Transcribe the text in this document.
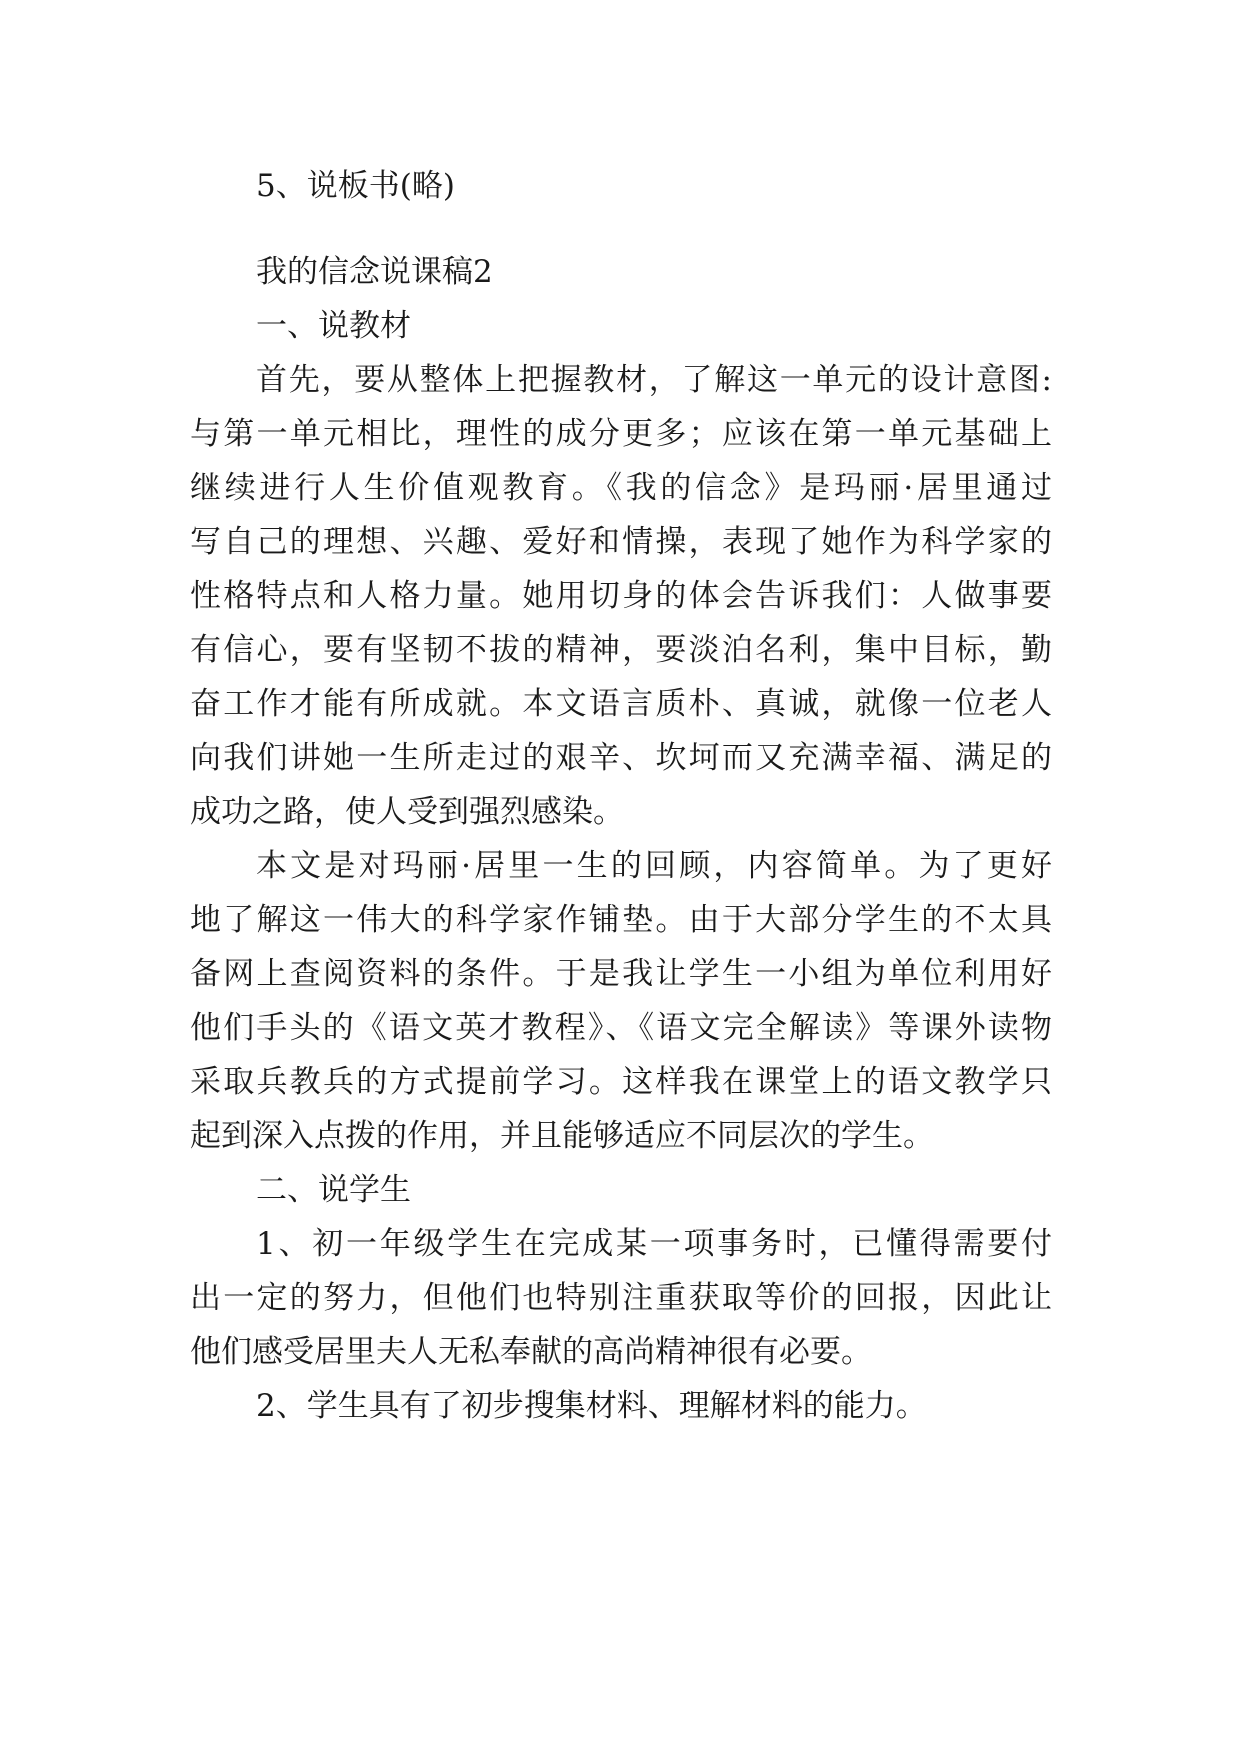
5、说板书(略)
我的信念说课稿2
一、说教材
首先，要从整体上把握教材，了解这一单元的设计意图:
与第一单元相比，理性的成分更多；应该在第一单元基础上
继续进行人生价值观教育。《我的信念》是玛丽·居里通过
写自己的理想、兴趣、爱好和情操，表现了她作为科学家的
性格特点和人格力量。她用切身的体会告诉我们：人做事要
有信心，要有坚韧不拔的精神，要淡泊名利，集中目标，勤
奋工作才能有所成就。本文语言质朴、真诚，就像一位老人
向我们讲她一生所走过的艰辛、坎坷而又充满幸福、满足的
成功之路，使人受到强烈感染。
本文是对玛丽·居里一生的回顾，内容简单。为了更好
地了解这一伟大的科学家作铺垫。由于大部分学生的不太具
备网上查阅资料的条件。于是我让学生一小组为单位利用好
他们手头的《语文英才教程》、《语文完全解读》等课外读物
采取兵教兵的方式提前学习。这样我在课堂上的语文教学只
起到深入点拨的作用，并且能够适应不同层次的学生。
二、说学生
1、初一年级学生在完成某一项事务时，已懂得需要付
出一定的努力，但他们也特别注重获取等价的回报，因此让
他们感受居里夫人无私奉献的高尚精神很有必要。
2、学生具有了初步搜集材料、理解材料的能力。
